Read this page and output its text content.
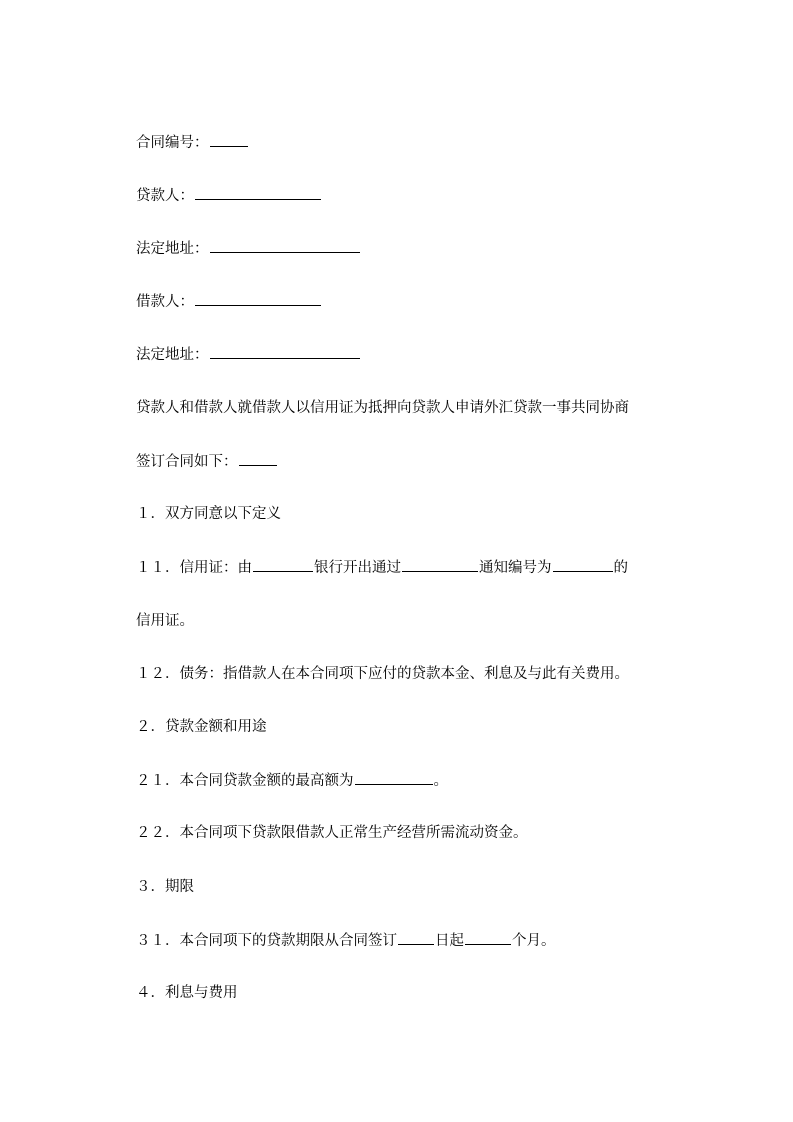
合同编号：
贷款人：
法定地址：
借款人：
法定地址：
贷款人和借款人就借款人以信用证为抵押向贷款人申请外汇贷款一事共同协商
签订合同如下：
１．双方同意以下定义
１１．信用证：由	银行开出通过	通知编号为	的
信用证。
１２．债务：指借款人在本合同项下应付的贷款本金、利息及与此有关费用。
２．贷款金额和用途
２１．本合同贷款金额的最高额为	。
２２．本合同项下贷款限借款人正常生产经营所需流动资金。
３．期限
３１．本合同项下的贷款期限从合同签订	日起	个月。
４．利息与费用
